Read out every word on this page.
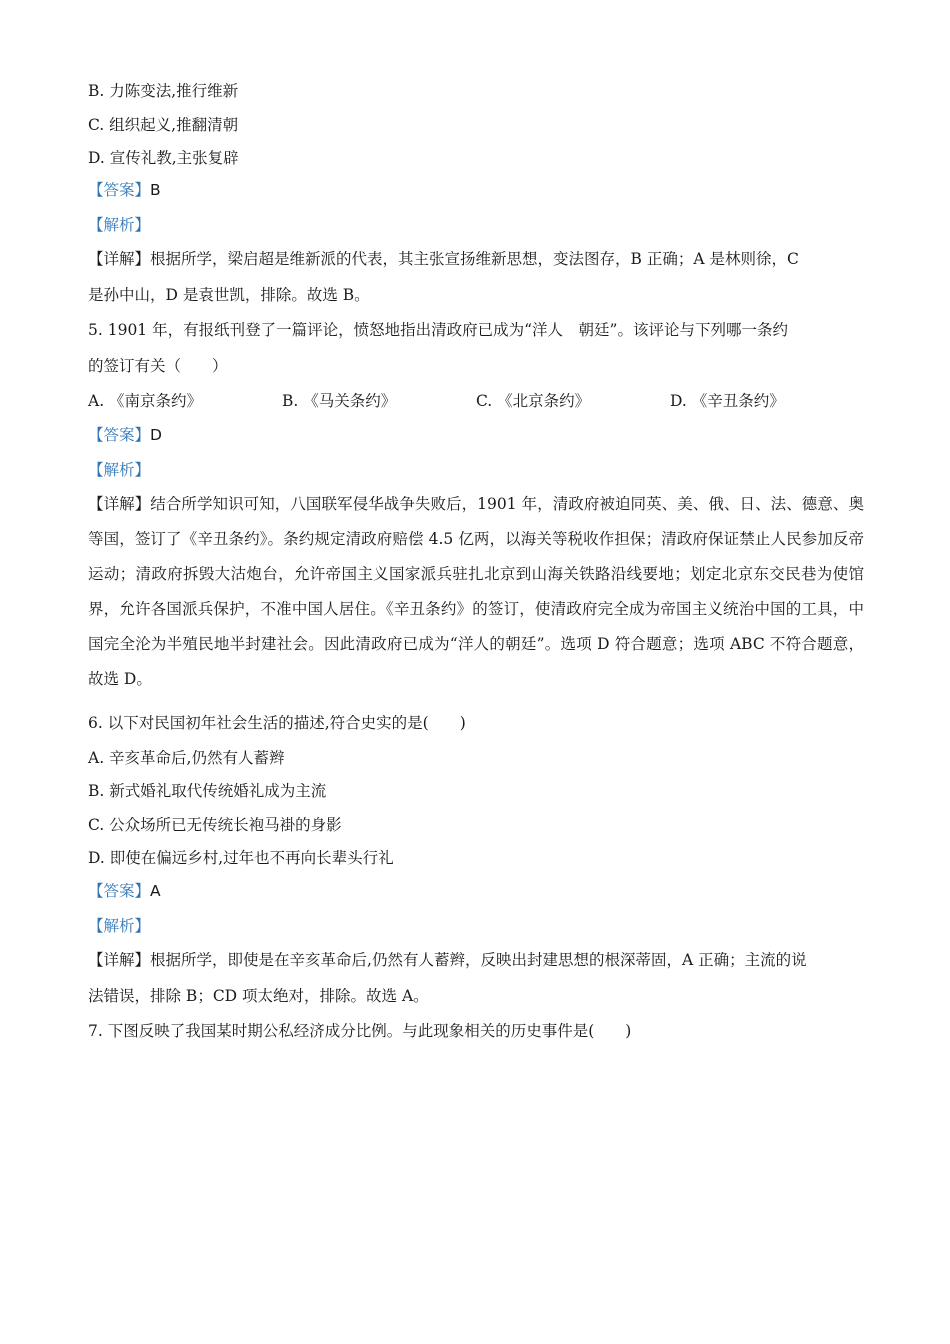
B. 力陈变法,推行维新
C. 组织起义,推翻清朝
D. 宣传礼教,主张复辟
【答案】B
【解析】
【详解】根据所学，梁启超是维新派的代表，其主张宣扬维新思想，变法图存，B 正确；A 是林则徐，C
是孙中山，D 是袁世凯，排除。故选 B。
5. 1901 年，有报纸刊登了一篇评论，愤怒地指出清政府已成为“洋人　朝廷”。该评论与下列哪一条约
的签订有关（　　）
A. 《南京条约》	B. 《马关条约》	C. 《北京条约》	D. 《辛丑条约》
【答案】D
【解析】
【详解】结合所学知识可知，八国联军侵华战争失败后，1901 年，清政府被迫同英、美、俄、日、法、德意、奥等国，签订了《辛丑条约》。条约规定清政府赔偿 4.5 亿两，以海关等税收作担保；清政府保证禁止人民参加反帝运动；清政府拆毁大沽炮台，允许帝国主义国家派兵驻扎北京到山海关铁路沿线要地；划定北京东交民巷为使馆界，允许各国派兵保护，不准中国人居住。《辛丑条约》的签订，使清政府完全成为帝国主义统治中国的工具，中国完全沦为半殖民地半封建社会。因此清政府已成为“洋人的朝廷”。选项 D 符合题意；选项 ABC 不符合题意，故选 D。
6. 以下对民国初年社会生活的描述,符合史实的是(　　)
A. 辛亥革命后,仍然有人蓄辫
B. 新式婚礼取代传统婚礼成为主流
C. 公众场所已无传统长袍马褂的身影
D. 即使在偏远乡村,过年也不再向长辈头行礼
【答案】A
【解析】
【详解】根据所学，即使是在辛亥革命后,仍然有人蓄辫，反映出封建思想的根深蒂固，A 正确；主流的说
法错误，排除 B；CD 项太绝对，排除。故选 A。
7. 下图反映了我国某时期公私经济成分比例。与此现象相关的历史事件是(　　)
